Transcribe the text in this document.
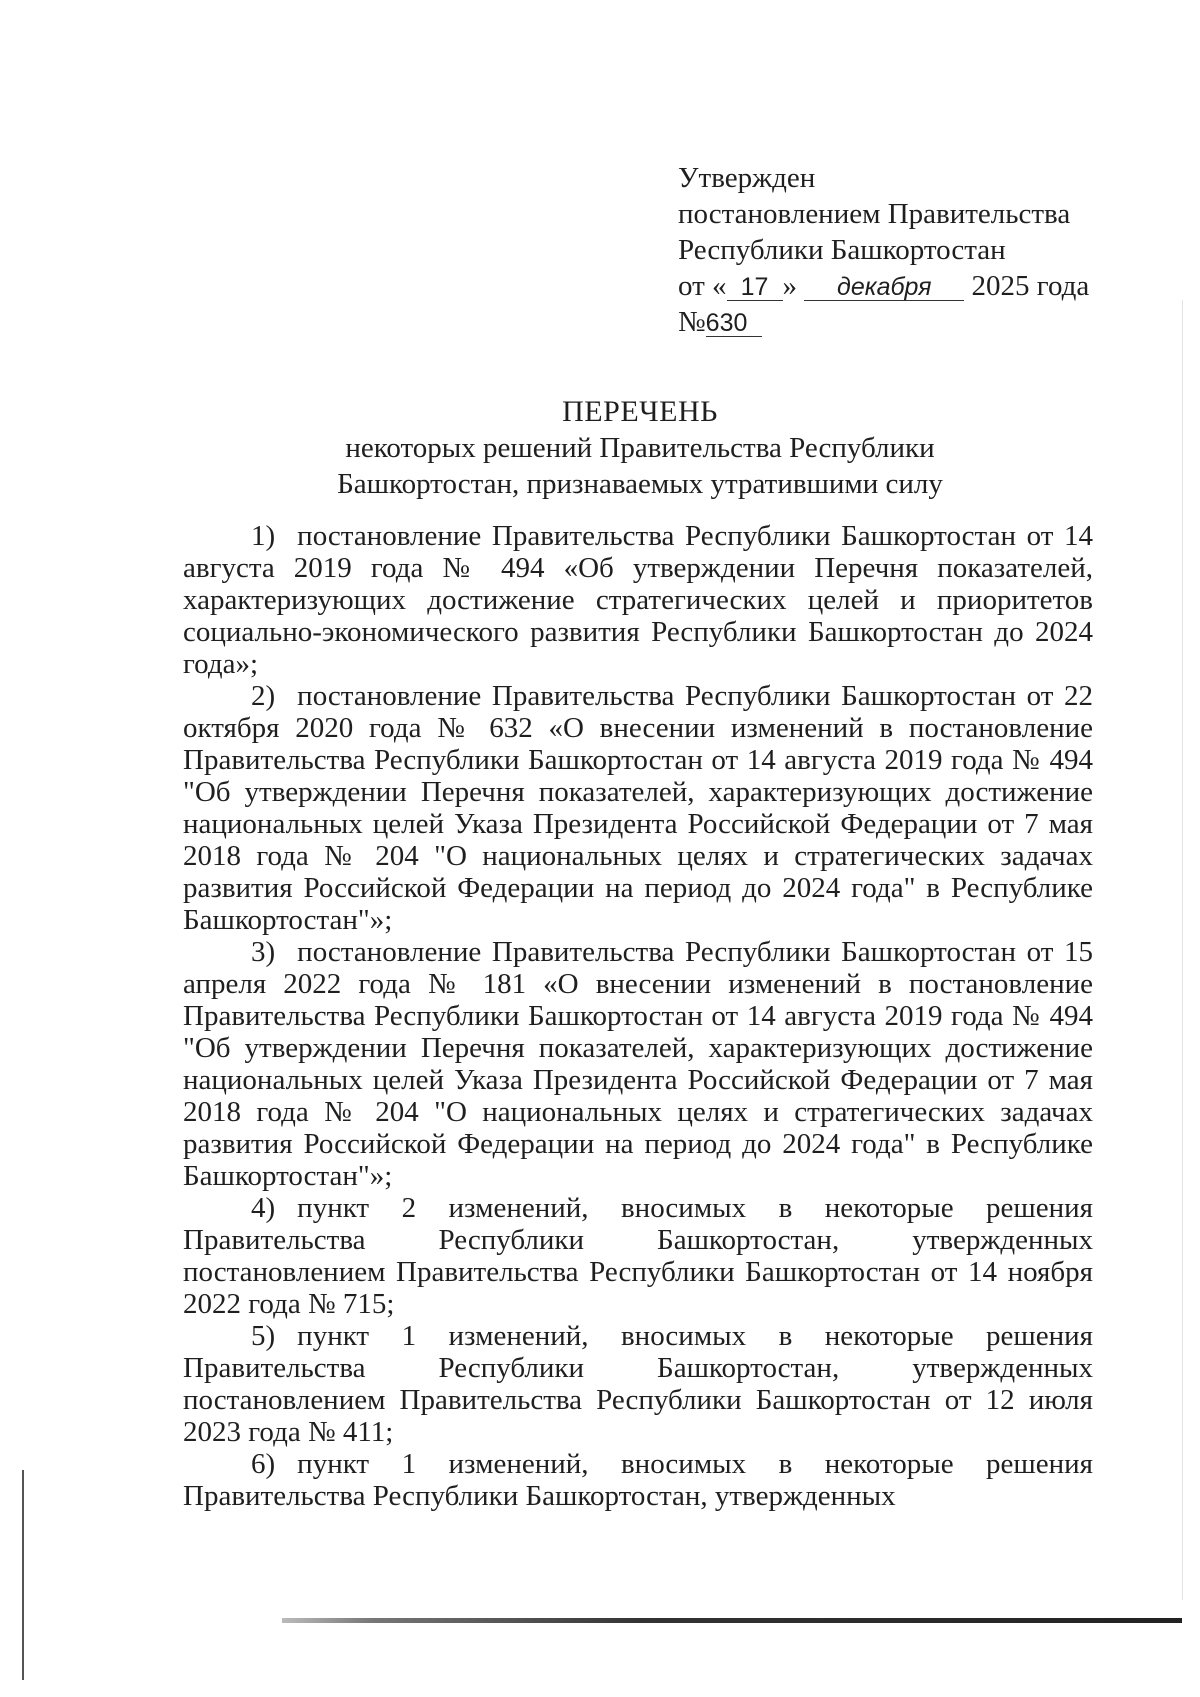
Утвержден
постановлением Правительства
Республики Башкортостан
от « 17 » декабря 2025 года
№630
ПЕРЕЧЕНЬ
некоторых решений Правительства Республики
Башкортостан, признаваемых утратившими силу

1) постановление Правительства Республики Башкортостан от 14 августа 2019 года № 494 «Об утверждении Перечня показателей, характеризующих достижение стратегических целей и приоритетов социально-экономического развития Республики Башкортостан до 2024 года»;

2) постановление Правительства Республики Башкортостан от 22 октября 2020 года № 632 «О внесении изменений в постановление Правительства Республики Башкортостан от 14 августа 2019 года № 494 "Об утверждении Перечня показателей, характеризующих достижение национальных целей Указа Президента Российской Федерации от 7 мая 2018 года № 204 "О национальных целях и стратегических задачах развития Российской Федерации на период до 2024 года" в Республике Башкортостан"»;

3) постановление Правительства Республики Башкортостан от 15 апреля 2022 года № 181 «О внесении изменений в постановление Правительства Республики Башкортостан от 14 августа 2019 года № 494 "Об утверждении Перечня показателей, характеризующих достижение национальных целей Указа Президента Российской Федерации от 7 мая 2018 года № 204 "О национальных целях и стратегических задачах развития Российской Федерации на период до 2024 года" в Республике Башкортостан"»;

4) пункт 2 изменений, вносимых в некоторые решения Правительства Республики Башкортостан, утвержденных постановлением Правительства Республики Башкортостан от 14 ноября 2022 года № 715;

5) пункт 1 изменений, вносимых в некоторые решения Правительства Республики Башкортостан, утвержденных постановлением Правительства Республики Башкортостан от 12 июля 2023 года № 411;

6) пункт 1 изменений, вносимых в некоторые решения Правительства Республики Башкортостан, утвержденных
